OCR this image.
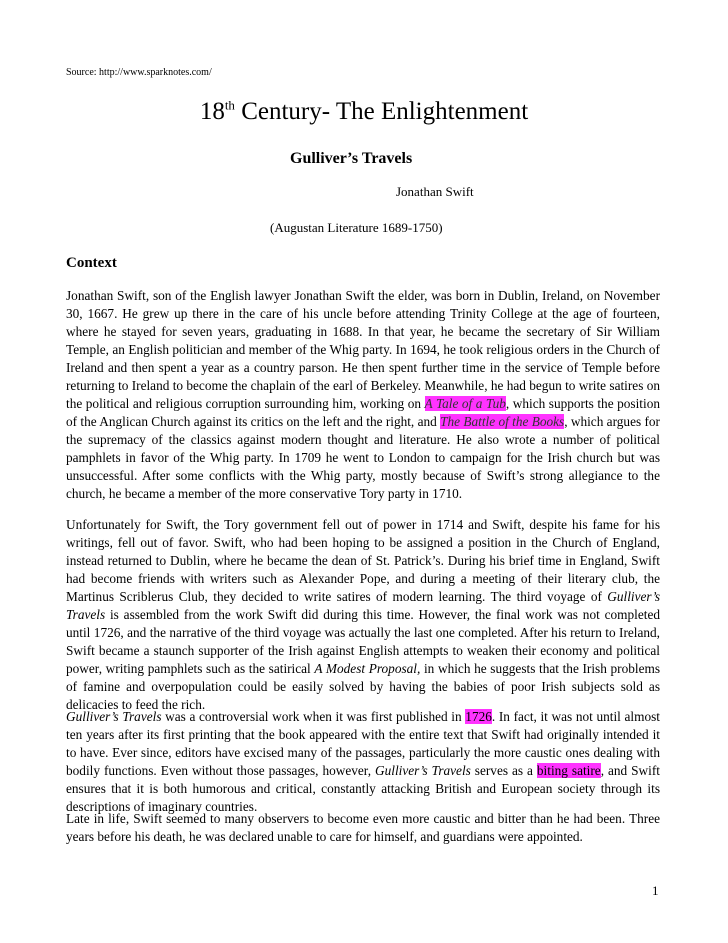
Source: http://www.sparknotes.com/
18th Century- The Enlightenment
Gulliver’s Travels
Jonathan Swift
(Augustan Literature 1689-1750)
Context

Jonathan Swift, son of the English lawyer Jonathan Swift the elder, was born in Dublin, Ireland, on November 30, 1667. He grew up there in the care of his uncle before attending Trinity College at the age of fourteen, where he stayed for seven years, graduating in 1688. In that year, he became the secretary of Sir William Temple, an English politician and member of the Whig party. In 1694, he took religious orders in the Church of Ireland and then spent a year as a country parson. He then spent further time in the service of Temple before returning to Ireland to become the chaplain of the earl of Berkeley. Meanwhile, he had begun to write satires on the political and religious corruption surrounding him, working on A Tale of a Tub, which supports the position of the Anglican Church against its critics on the left and the right, and The Battle of the Books, which argues for the supremacy of the classics against modern thought and literature. He also wrote a number of political pamphlets in favor of the Whig party. In 1709 he went to London to campaign for the Irish church but was unsuccessful. After some conflicts with the Whig party, mostly because of Swift’s strong allegiance to the church, he became a member of the more conservative Tory party in 1710.

Unfortunately for Swift, the Tory government fell out of power in 1714 and Swift, despite his fame for his writings, fell out of favor. Swift, who had been hoping to be assigned a position in the Church of England, instead returned to Dublin, where he became the dean of St. Patrick’s. During his brief time in England, Swift had become friends with writers such as Alexander Pope, and during a meeting of their literary club, the Martinus Scriblerus Club, they decided to write satires of modern learning. The third voyage of Gulliver’s Travels is assembled from the work Swift did during this time. However, the final work was not completed until 1726, and the narrative of the third voyage was actually the last one completed. After his return to Ireland, Swift became a staunch supporter of the Irish against English attempts to weaken their economy and political power, writing pamphlets such as the satirical A Modest Proposal, in which he suggests that the Irish problems of famine and overpopulation could be easily solved by having the babies of poor Irish subjects sold as delicacies to feed the rich.

Gulliver’s Travels was a controversial work when it was first published in 1726. In fact, it was not until almost ten years after its first printing that the book appeared with the entire text that Swift had originally intended it to have. Ever since, editors have excised many of the passages, particularly the more caustic ones dealing with bodily functions. Even without those passages, however, Gulliver’s Travels serves as a biting satire, and Swift ensures that it is both humorous and critical, constantly attacking British and European society through its descriptions of imaginary countries.

Late in life, Swift seemed to many observers to become even more caustic and bitter than he had been. Three years before his death, he was declared unable to care for himself, and guardians were appointed.

1
